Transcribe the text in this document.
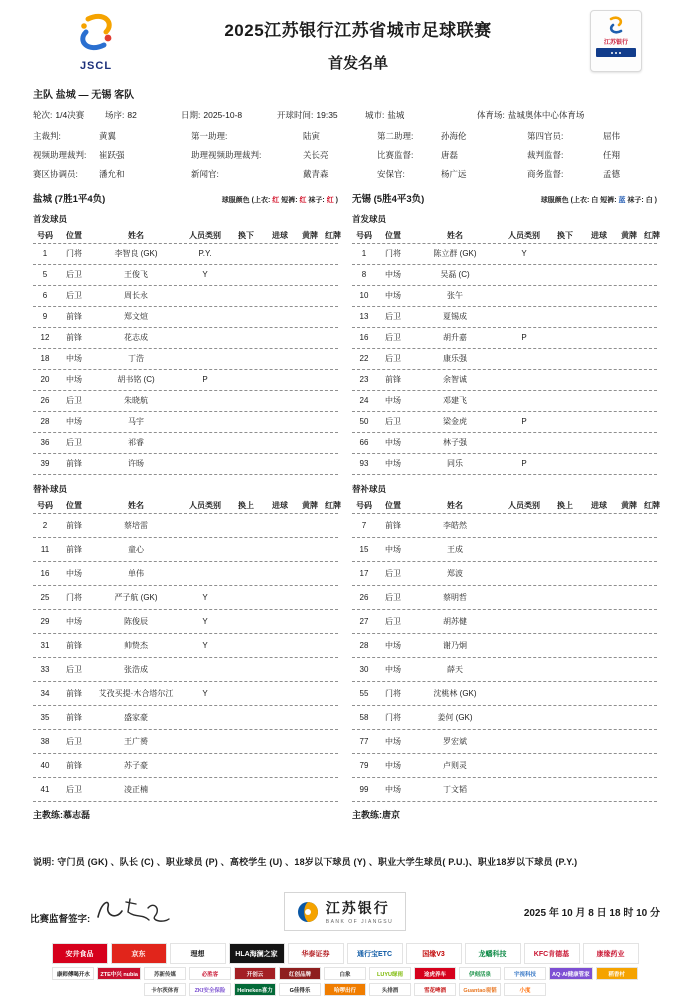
JSCL
2025江苏银行江苏省城市足球联赛
首发名单
江苏银行
主队 盐城 — 无锡 客队
轮次: 1/4决赛	场序: 82	日期: 2025-10-8	开球时间: 19:35	城市: 盐城	体育场: 盐城奥体中心体育场
主裁判:	黄翼	第一助理:	陆寅	第二助理:	孙海伦	第四官员:	屈伟
视频助理裁判:	崔跃强	助理视频助理裁判:	关长亮	比赛监督:	唐磊	裁判监督:	任翔
赛区协调员:	潘允和	新闻官:	戴青森	安保官:	杨广远	商务监督:	孟德
盐城 (7胜1平4负)	球服颜色 (上衣: 红 短裤: 红 袜子: 红 )
首发球员
号码	位置	姓名	人员类别	换下	进球	黄牌 红牌
1	门将	李智良 (GK)	P.Y.
5	后卫	王俊飞	Y
6	后卫	周长永
9	前锋	郑文煊
12	前锋	花志成
18	中场	丁浩
20	中场	胡书铭 (C)	P
26	后卫	朱晓航
28	中场	马宇
36	后卫	祁睿
39	前锋	许旸
替补球员
号码	位置	姓名	人员类别	换上	进球	黄牌 红牌
2	前锋	蔡培雷
11	前锋	童心
16	中场	单伟
25	门将	严子航 (GK)	Y
29	中场	陈俊辰	Y
31	前锋	帅贽杰	Y
33	后卫	张浩成
34	前锋	艾孜买提·木合塔尔江	Y
35	前锋	盛家豪
38	后卫	王广赟
40	前锋	苏子豪
41	后卫	凌正楠
主教练:慕志磊
无锡 (5胜4平3负)	球服颜色 (上衣: 白 短裤: 蓝 袜子: 白 )
首发球员
号码	位置	姓名	人员类别	换下	进球	黄牌 红牌
1	门将	陈立群 (GK)	Y
8	中场	吴磊 (C)
10	中场	张午
13	后卫	夏锡成
16	后卫	胡升嘉	P
22	后卫	康乐强
23	前锋	余智诚
24	中场	邓建飞
50	后卫	梁金虎	P
66	中场	林子强
93	中场	同乐	P
替补球员
号码	位置	姓名	人员类别	换上	进球	黄牌 红牌
7	前锋	李皓然
15	中场	王成
17	后卫	郑波
26	后卫	蔡明哲
27	后卫	胡苏健
28	中场	谢乃炯
30	中场	薛天
55	门将	沈桃林 (GK)
58	门将	姜何 (GK)
77	中场	罗宏斌
79	中场	卢则灵
99	中场	丁文韬
主教练:唐京
说明: 守门员 (GK) 、队长 (C) 、职业球员 (P) 、高校学生 (U) 、18岁以下球员 (Y) 、职业大学生球员( P.U.)、职业18岁以下球员 (P.Y.)
比赛监督签字:
江苏银行
BANK OF JIANGSU
2025 年 10 月 8 日 18 时 10 分
安井食品	京东	理想	HLA海澜之家	华泰证券	通行宝ETC	国缘V3	龙蟠科技	KFC肯德基	康缘药业
康师傅喝开水	ZTE中兴 nubia	苏新传媒	必胜客	开创云	红创品牌	白象	LUYU绿雨	途虎养车	伊刻活泉	宇视科技	AQ·AI健康管家	稻香村
卡尔茨体育	ZKI安全保险	Heineken喜力	G佳得乐	哈啰出行	头排酒	雪花啤酒	Guantao观韬	小度
